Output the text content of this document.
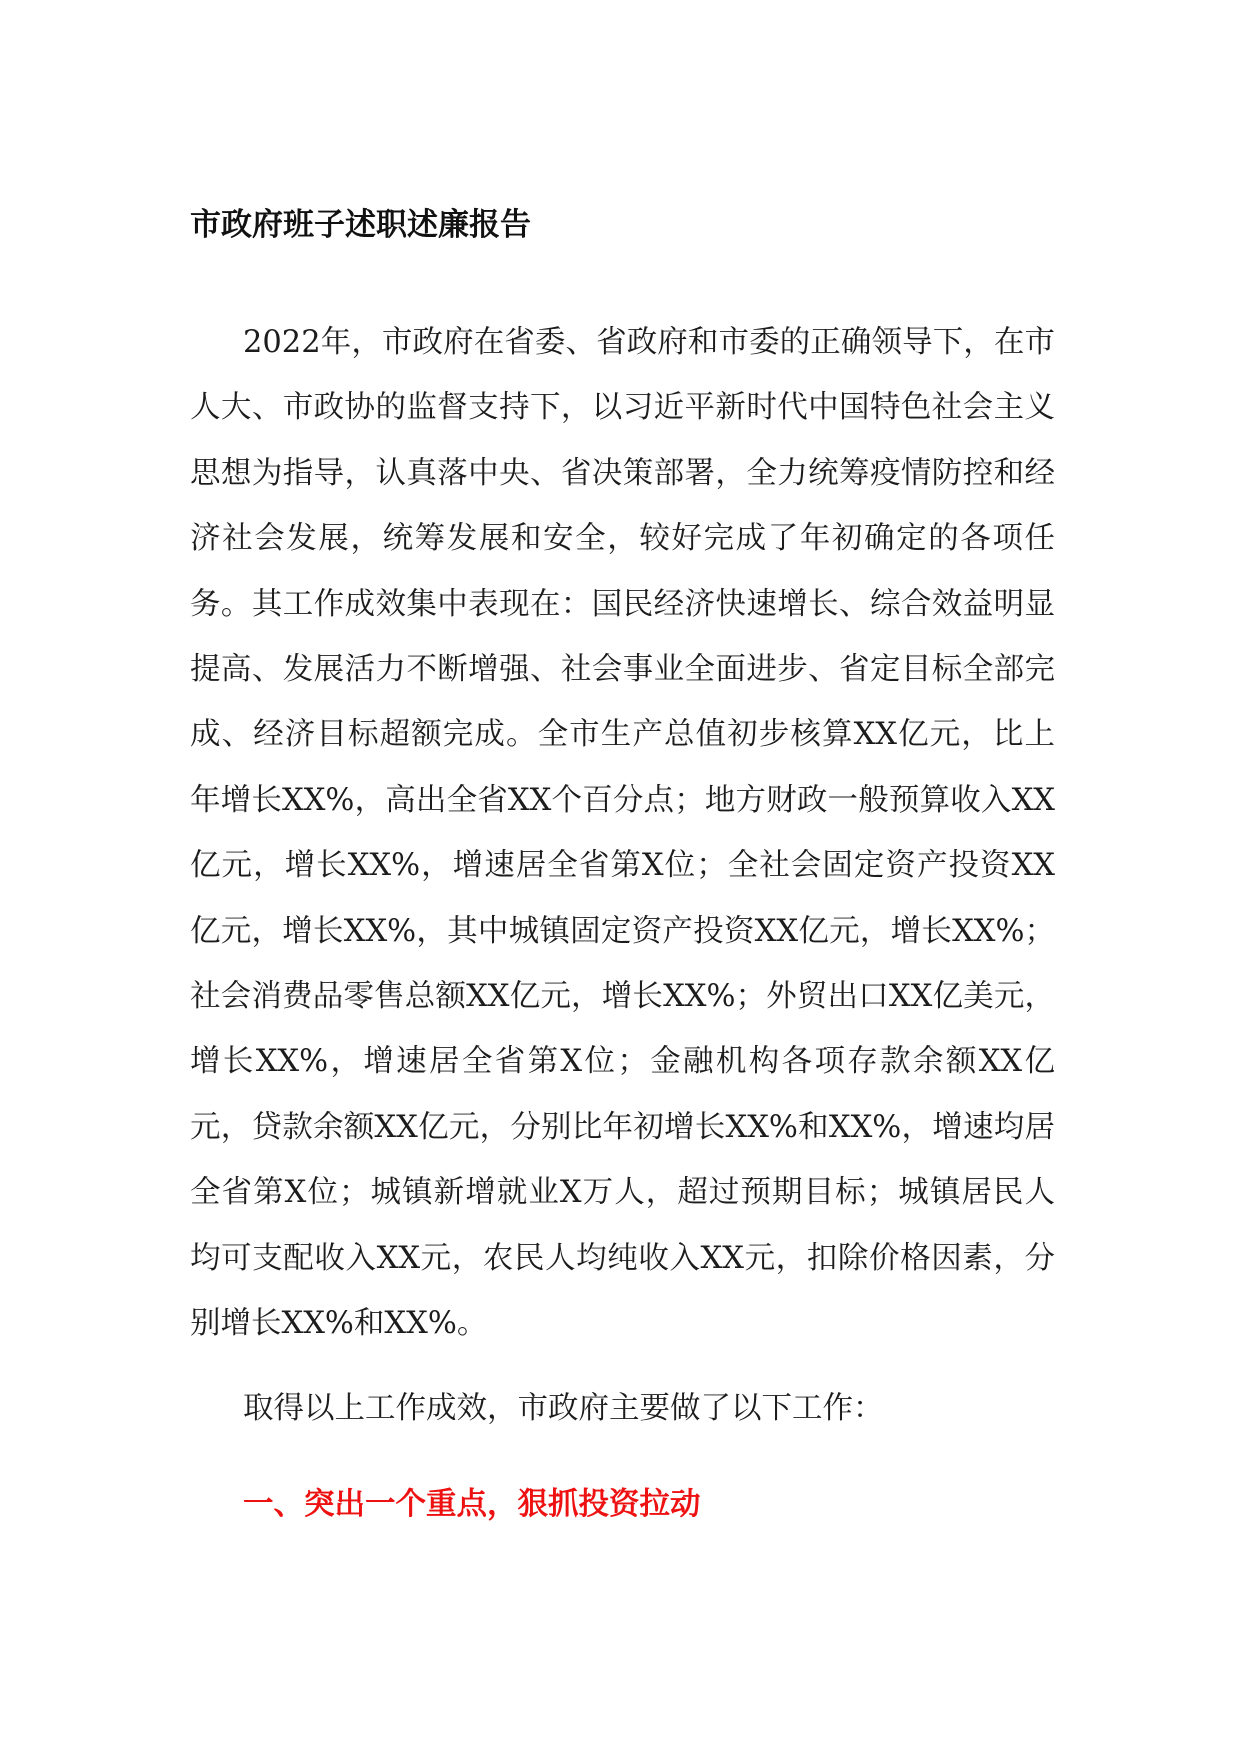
市政府班子述职述廉报告

2022年，市政府在省委、省政府和市委的正确领导下，在市人大、市政协的监督支持下，以习近平新时代中国特色社会主义思想为指导，认真落中央、省决策部署，全力统筹疫情防控和经济社会发展，统筹发展和安全，较好完成了年初确定的各项任务。其工作成效集中表现在：国民经济快速增长、综合效益明显提高、发展活力不断增强、社会事业全面进步、省定目标全部完成、经济目标超额完成。全市生产总值初步核算XX亿元，比上年增长XX%，高出全省XX个百分点；地方财政一般预算收入XX亿元，增长XX%，增速居全省第X位；全社会固定资产投资XX亿元，增长XX%，其中城镇固定资产投资XX亿元，增长XX%；社会消费品零售总额XX亿元，增长XX%；外贸出口XX亿美元，增长XX%，增速居全省第X位；金融机构各项存款余额XX亿元，贷款余额XX亿元，分别比年初增长XX%和XX%，增速均居全省第X位；城镇新增就业X万人，超过预期目标；城镇居民人均可支配收入XX元，农民人均纯收入XX元，扣除价格因素，分别增长XX%和XX%。

取得以上工作成效，市政府主要做了以下工作：

一、突出一个重点，狠抓投资拉动
